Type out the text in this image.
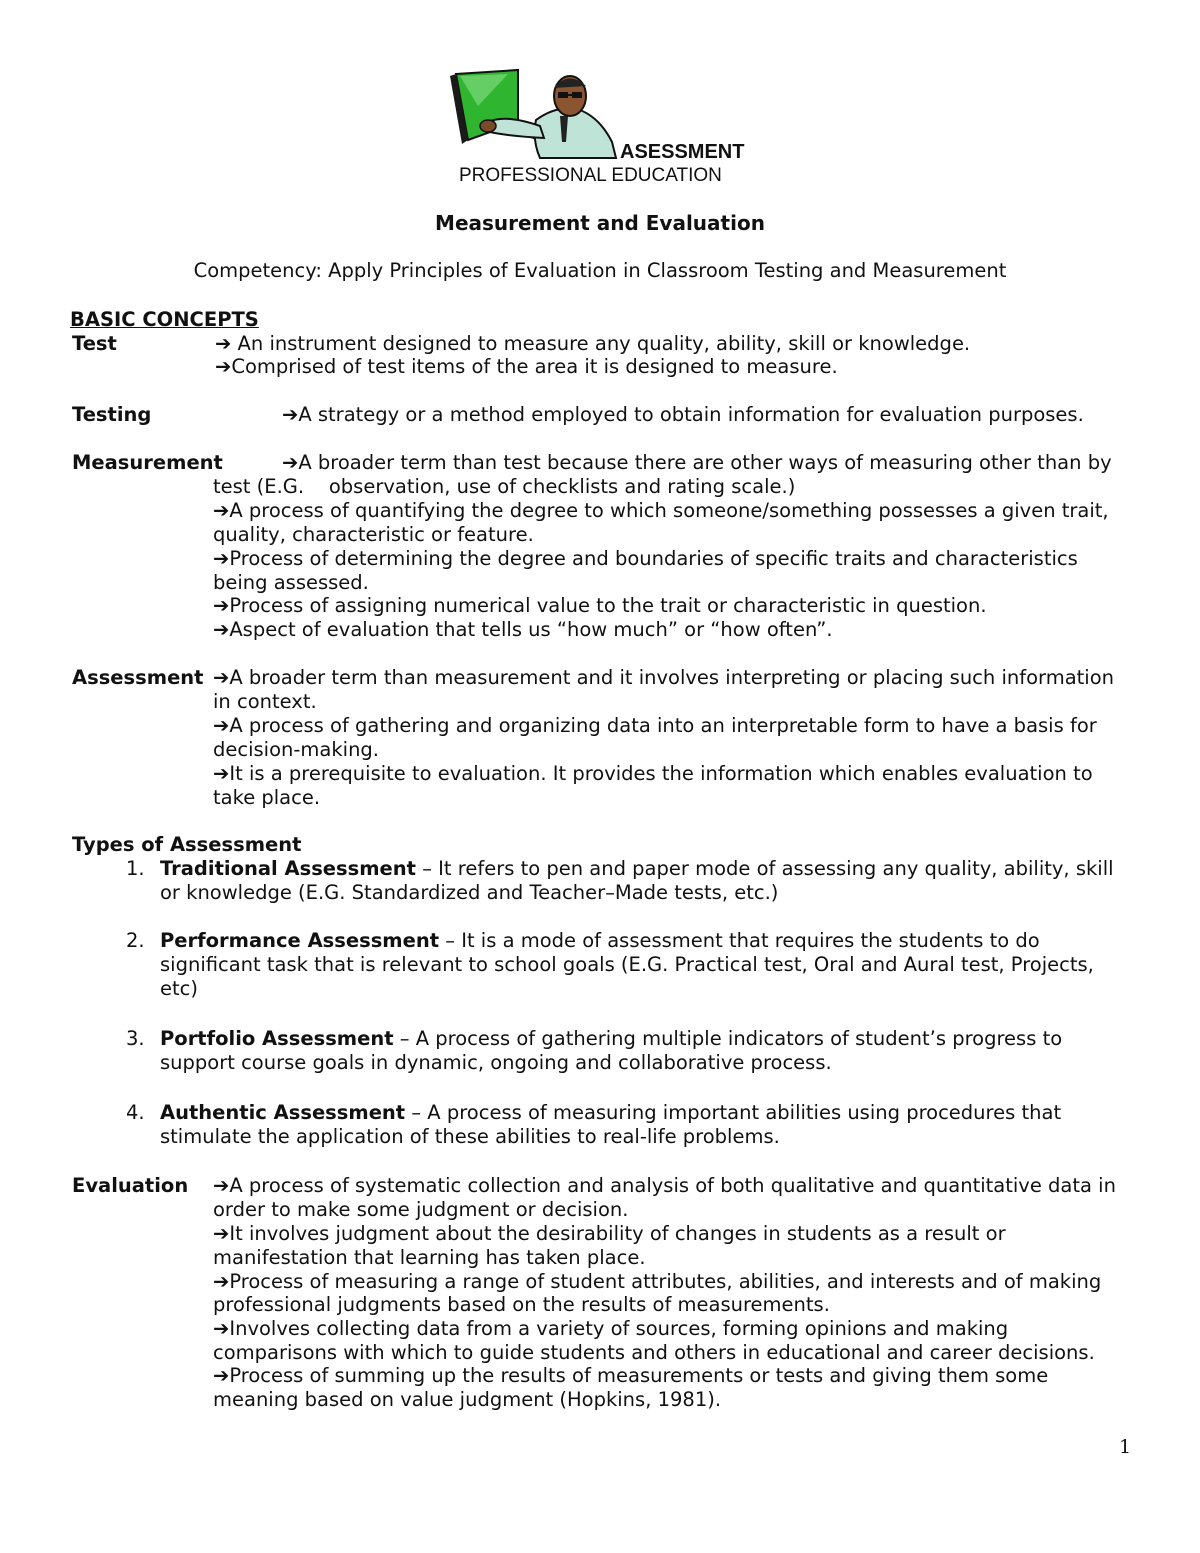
ASESSMENT
PROFESSIONAL EDUCATION
Measurement and Evaluation
Competency: Apply Principles of Evaluation in Classroom Testing and Measurement
BASIC CONCEPTS
Test	➔ An instrument designed to measure any quality, ability, skill or knowledge.
➔Comprised of test items of the area it is designed to measure.
Testing	➔A strategy or a method employed to obtain information for evaluation purposes.
Measurement	➔A broader term than test because there are other ways of measuring other than by
test (E.G.    observation, use of checklists and rating scale.)
➔A process of quantifying the degree to which someone/something possesses a given trait,
quality, characteristic or feature.
➔Process of determining the degree and boundaries of specific traits and characteristics
being assessed.
➔Process of assigning numerical value to the trait or characteristic in question.
➔Aspect of evaluation that tells us “how much” or “how often”.
Assessment ➔A broader term than measurement and it involves interpreting or placing such information
in context.
➔A process of gathering and organizing data into an interpretable form to have a basis for
decision-making.
➔It is a prerequisite to evaluation. It provides the information which enables evaluation to
take place.
Types of Assessment
1. Traditional Assessment – It refers to pen and paper mode of assessing any quality, ability, skill
or knowledge (E.G. Standardized and Teacher–Made tests, etc.)
2. Performance Assessment – It is a mode of assessment that requires the students to do
significant task that is relevant to school goals (E.G. Practical test, Oral and Aural test, Projects,
etc)
3. Portfolio Assessment – A process of gathering multiple indicators of student’s progress to
support course goals in dynamic, ongoing and collaborative process.
4. Authentic Assessment – A process of measuring important abilities using procedures that
stimulate the application of these abilities to real-life problems.
Evaluation ➔A process of systematic collection and analysis of both qualitative and quantitative data in
order to make some judgment or decision.
➔It involves judgment about the desirability of changes in students as a result or
manifestation that learning has taken place.
➔Process of measuring a range of student attributes, abilities, and interests and of making
professional judgments based on the results of measurements.
➔Involves collecting data from a variety of sources, forming opinions and making
comparisons with which to guide students and others in educational and career decisions.
➔Process of summing up the results of measurements or tests and giving them some
meaning based on value judgment (Hopkins, 1981).
1
